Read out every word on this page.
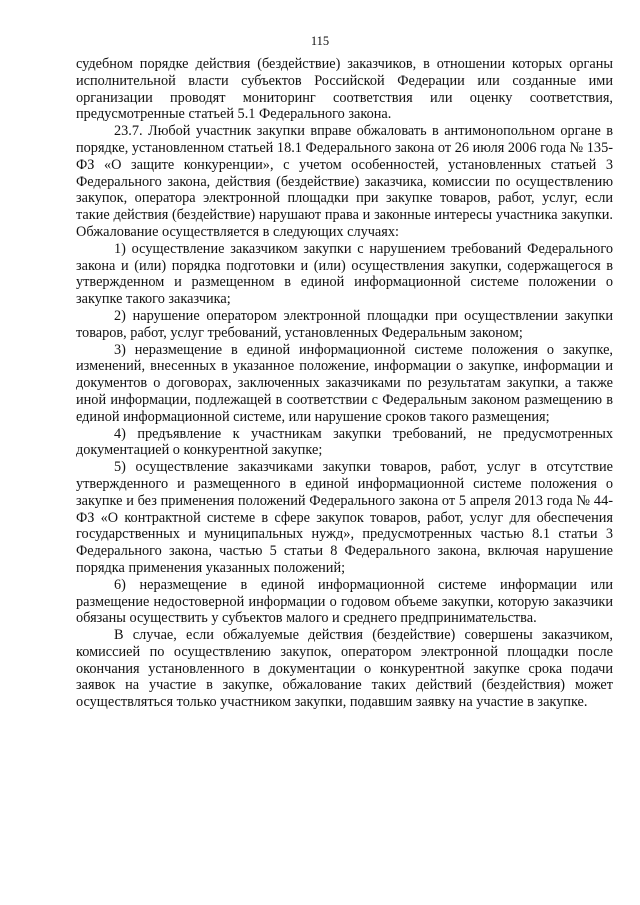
115

судебном порядке действия (бездействие) заказчиков, в отношении которых органы исполнительной власти субъектов Российской Федерации или созданные ими организации проводят мониторинг соответствия или оценку соответствия, предусмотренные статьей 5.1 Федерального закона.

23.7. Любой участник закупки вправе обжаловать в антимонопольном органе в порядке, установленном статьей 18.1 Федерального закона от 26 июля 2006 года № 135-ФЗ «О защите конкуренции», с учетом особенностей, установленных статьей 3 Федерального закона, действия (бездействие) заказчика, комиссии по осуществлению закупок, оператора электронной площадки при закупке товаров, работ, услуг, если такие действия (бездействие) нарушают права и законные интересы участника закупки. Обжалование осуществляется в следующих случаях:

1) осуществление заказчиком закупки с нарушением требований Федерального закона и (или) порядка подготовки и (или) осуществления закупки, содержащегося в утвержденном и размещенном в единой информационной системе положении о закупке такого заказчика;

2) нарушение оператором электронной площадки при осуществлении закупки товаров, работ, услуг требований, установленных Федеральным законом;

3) неразмещение в единой информационной системе положения о закупке, изменений, внесенных в указанное положение, информации о закупке, информации и документов о договорах, заключенных заказчиками по результатам закупки, а также иной информации, подлежащей в соответствии с Федеральным законом размещению в единой информационной системе, или нарушение сроков такого размещения;

4) предъявление к участникам закупки требований, не предусмотренных документацией о конкурентной закупке;

5) осуществление заказчиками закупки товаров, работ, услуг в отсутствие утвержденного и размещенного в единой информационной системе положения о закупке и без применения положений Федерального закона от 5 апреля 2013 года № 44-ФЗ «О контрактной системе в сфере закупок товаров, работ, услуг для обеспечения государственных и муниципальных нужд», предусмотренных частью 8.1 статьи 3 Федерального закона, частью 5 статьи 8 Федерального закона, включая нарушение порядка применения указанных положений;

6) неразмещение в единой информационной системе информации или размещение недостоверной информации о годовом объеме закупки, которую заказчики обязаны осуществить у субъектов малого и среднего предпринимательства.

В случае, если обжалуемые действия (бездействие) совершены заказчиком, комиссией по осуществлению закупок, оператором электронной площадки после окончания установленного в документации о конкурентной закупке срока подачи заявок на участие в закупке, обжалование таких действий (бездействия) может осуществляться только участником закупки, подавшим заявку на участие в закупке.
